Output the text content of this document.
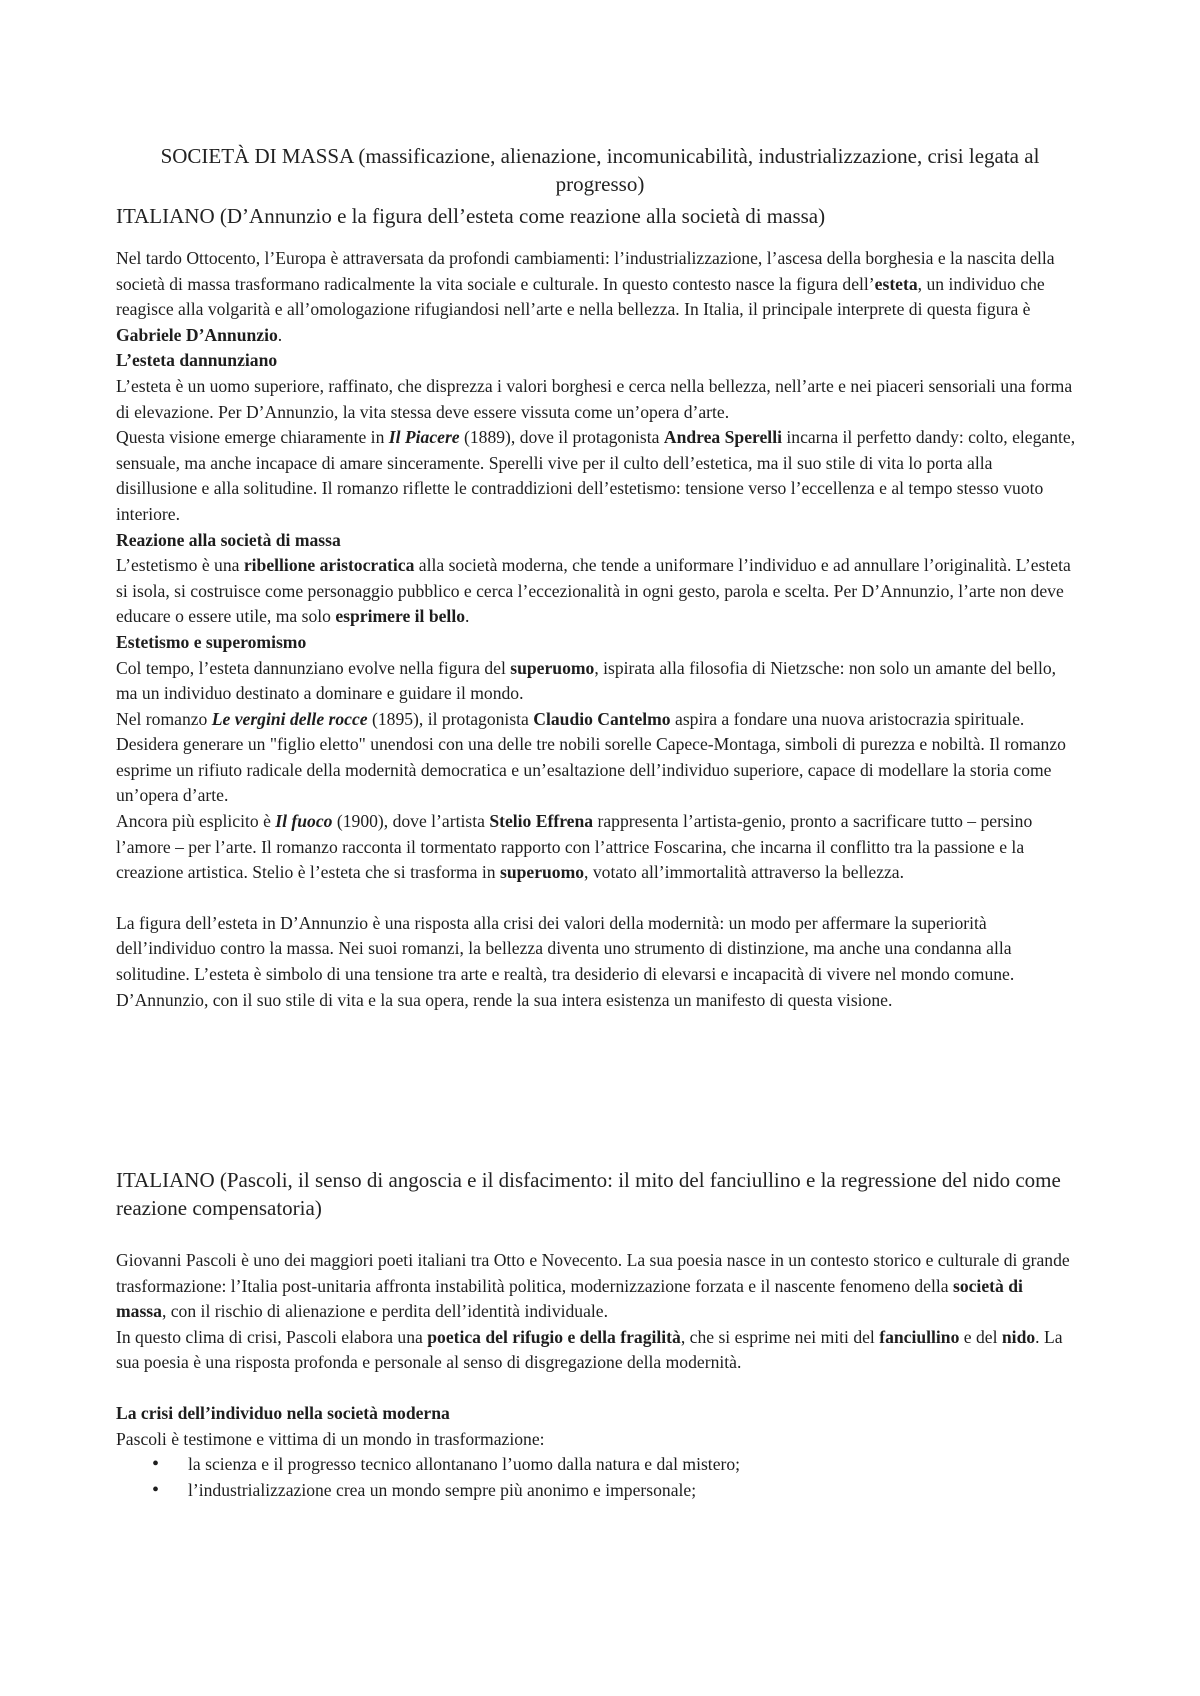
SOCIETÀ DI MASSA (massificazione, alienazione, incomunicabilità, industrializzazione, crisi legata al progresso)
ITALIANO (D’Annunzio e la figura dell’esteta come reazione alla società di massa)

Nel tardo Ottocento, l’Europa è attraversata da profondi cambiamenti: l’industrializzazione, l’ascesa della borghesia e la nascita della società di massa trasformano radicalmente la vita sociale e culturale. In questo contesto nasce la figura dell’esteta, un individuo che reagisce alla volgarità e all’omologazione rifugiandosi nell’arte e nella bellezza. In Italia, il principale interprete di questa figura è Gabriele D’Annunzio.

L’esteta dannunziano

L’esteta è un uomo superiore, raffinato, che disprezza i valori borghesi e cerca nella bellezza, nell’arte e nei piaceri sensoriali una forma di elevazione. Per D’Annunzio, la vita stessa deve essere vissuta come un’opera d’arte.

Questa visione emerge chiaramente in Il Piacere (1889), dove il protagonista Andrea Sperelli incarna il perfetto dandy: colto, elegante, sensuale, ma anche incapace di amare sinceramente. Sperelli vive per il culto dell’estetica, ma il suo stile di vita lo porta alla disillusione e alla solitudine. Il romanzo riflette le contraddizioni dell’estetismo: tensione verso l’eccellenza e al tempo stesso vuoto interiore.

Reazione alla società di massa

L’estetismo è una ribellione aristocratica alla società moderna, che tende a uniformare l’individuo e ad annullare l’originalità. L’esteta si isola, si costruisce come personaggio pubblico e cerca l’eccezionalità in ogni gesto, parola e scelta. Per D’Annunzio, l’arte non deve educare o essere utile, ma solo esprimere il bello.

Estetismo e superomismo

Col tempo, l’esteta dannunziano evolve nella figura del superuomo, ispirata alla filosofia di Nietzsche: non solo un amante del bello, ma un individuo destinato a dominare e guidare il mondo.

Nel romanzo Le vergini delle rocce (1895), il protagonista Claudio Cantelmo aspira a fondare una nuova aristocrazia spirituale. Desidera generare un "figlio eletto" unendosi con una delle tre nobili sorelle Capece-Montaga, simboli di purezza e nobiltà. Il romanzo esprime un rifiuto radicale della modernità democratica e un’esaltazione dell’individuo superiore, capace di modellare la storia come un’opera d’arte.

Ancora più esplicito è Il fuoco (1900), dove l’artista Stelio Effrena rappresenta l’artista-genio, pronto a sacrificare tutto – persino l’amore – per l’arte. Il romanzo racconta il tormentato rapporto con l’attrice Foscarina, che incarna il conflitto tra la passione e la creazione artistica. Stelio è l’esteta che si trasforma in superuomo, votato all’immortalità attraverso la bellezza.

La figura dell’esteta in D’Annunzio è una risposta alla crisi dei valori della modernità: un modo per affermare la superiorità dell’individuo contro la massa. Nei suoi romanzi, la bellezza diventa uno strumento di distinzione, ma anche una condanna alla solitudine. L’esteta è simbolo di una tensione tra arte e realtà, tra desiderio di elevarsi e incapacità di vivere nel mondo comune. D’Annunzio, con il suo stile di vita e la sua opera, rende la sua intera esistenza un manifesto di questa visione.

ITALIANO (Pascoli, il senso di angoscia e il disfacimento: il mito del fanciullino e la regressione del nido come reazione compensatoria)

Giovanni Pascoli è uno dei maggiori poeti italiani tra Otto e Novecento. La sua poesia nasce in un contesto storico e culturale di grande trasformazione: l’Italia post-unitaria affronta instabilità politica, modernizzazione forzata e il nascente fenomeno della società di massa, con il rischio di alienazione e perdita dell’identità individuale.

In questo clima di crisi, Pascoli elabora una poetica del rifugio e della fragilità, che si esprime nei miti del fanciullino e del nido. La sua poesia è una risposta profonda e personale al senso di disgregazione della modernità.

La crisi dell’individuo nella società moderna

Pascoli è testimone e vittima di un mondo in trasformazione:

• la scienza e il progresso tecnico allontanano l’uomo dalla natura e dal mistero;
• l’industrializzazione crea un mondo sempre più anonimo e impersonale;
